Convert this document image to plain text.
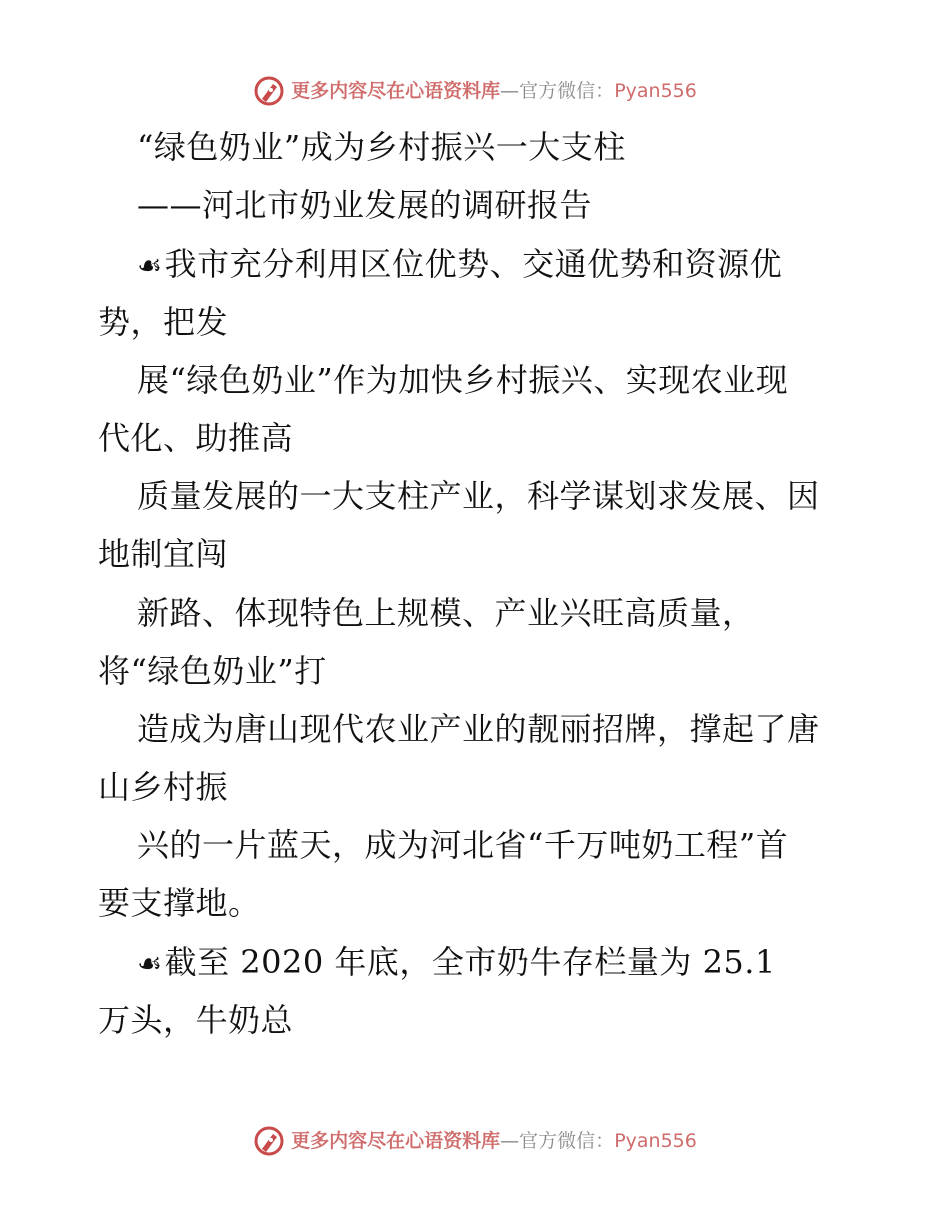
更多内容尽在心语资料库 — 官方微信： Pyan556
“绿色奶业”成为乡村振兴一大支柱
——河北市奶业发展的调研报告
☙我市充分利用区位优势、交通优势和资源优
势，把发
展“绿色奶业”作为加快乡村振兴、实现农业现
代化、助推高
质量发展的一大支柱产业，科学谋划求发展、因
地制宜闯
新路、体现特色上规模、产业兴旺高质量，
将“绿色奶业”打
造成为唐山现代农业产业的靓丽招牌，撑起了唐
山乡村振
兴的一片蓝天，成为河北省“千万吨奶工程”首
要支撑地。
☙截至 2020 年底，全市奶牛存栏量为 25.1
万头，牛奶总
更多内容尽在心语资料库 — 官方微信： Pyan556
